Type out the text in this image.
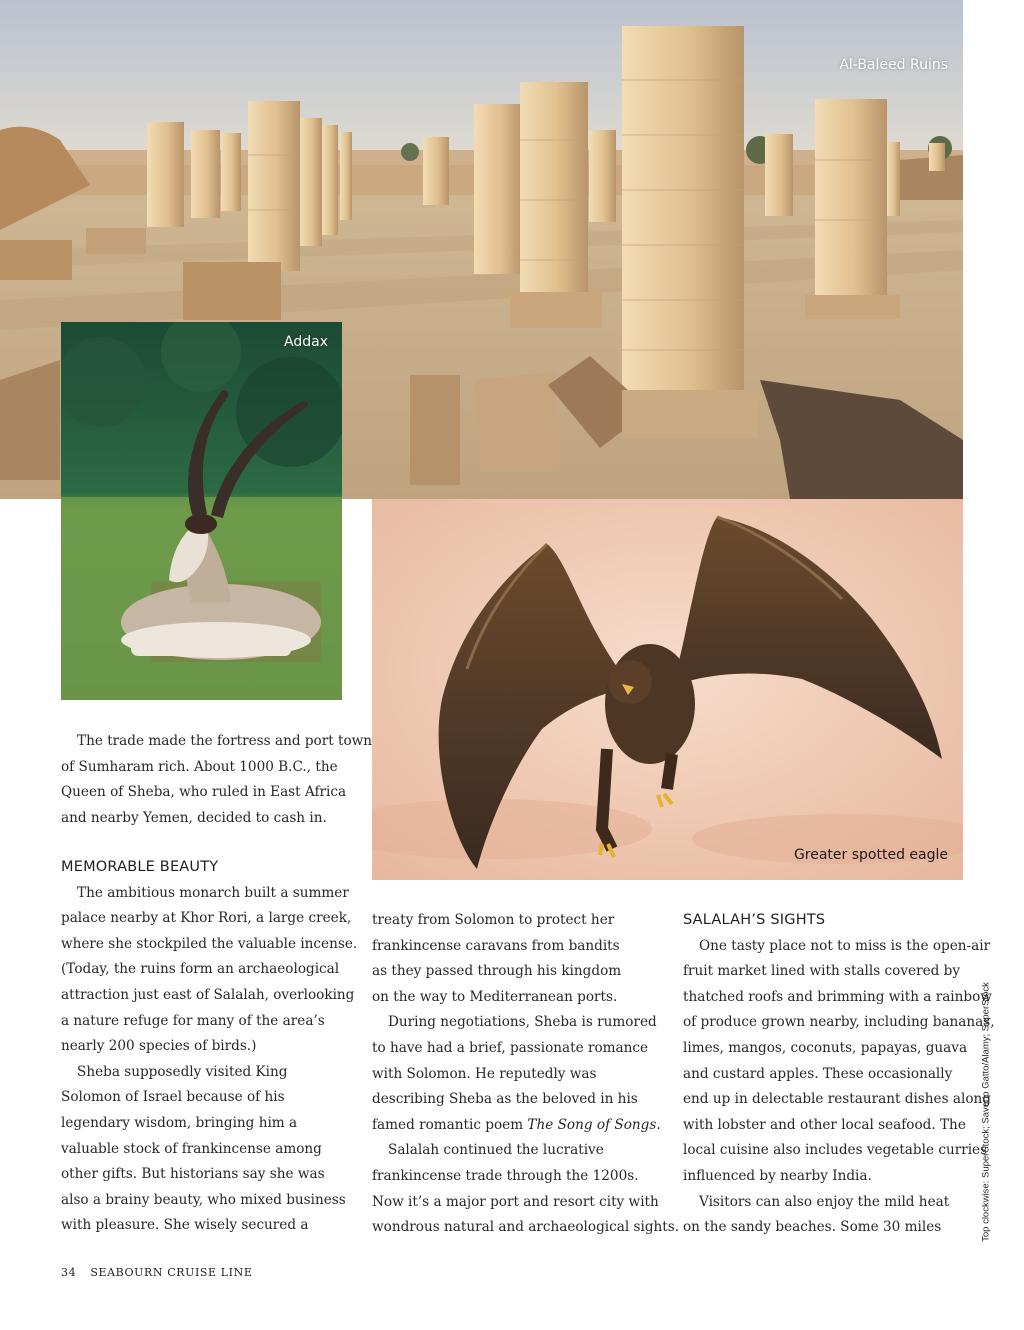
Al-Baleed Ruins
Greater spotted eagle
Addax

The trade made the fortress and port town
of Sumharam rich. About 1000 B.C., the
Queen of Sheba, who ruled in East Africa
and nearby Yemen, decided to cash in.

MEMORABLE BEAUTY

The ambitious monarch built a summer
palace nearby at Khor Rori, a large creek,
where she stockpiled the valuable incense.
(Today, the ruins form an archaeological
attraction just east of Salalah, overlooking
a nature refuge for many of the area’s
nearly 200 species of birds.)

Sheba supposedly visited King
Solomon of Israel because of his
legendary wisdom, bringing him a
valuable stock of frankincense among
other gifts. But historians say she was
also a brainy beauty, who mixed business
with pleasure. She wisely secured a

treaty from Solomon to protect her
frankincense caravans from bandits
as they passed through his kingdom
on the way to Mediterranean ports.

During negotiations, Sheba is rumored
to have had a brief, passionate romance
with Solomon. He reputedly was
describing Sheba as the beloved in his
famed romantic poem The Song of Songs.

Salalah continued the lucrative
frankincense trade through the 1200s.
Now it’s a major port and resort city with
wondrous natural and archaeological sights.

SALALAH’S SIGHTS

One tasty place not to miss is the open-air
fruit market lined with stalls covered by
thatched roofs and brimming with a rainbow
of produce grown nearby, including bananas,
limes, mangos, coconuts, papayas, guava
and custard apples. These occasionally
end up in delectable restaurant dishes along
with lobster and other local seafood. The
local cuisine also includes vegetable curries
influenced by nearby India.

Visitors can also enjoy the mild heat
on the sandy beaches. Some 30 miles	Top clockwise: SuperStock; Saverio Gatto/Alamy; SuperStock
34 SEABOURN CRUISE LINE
